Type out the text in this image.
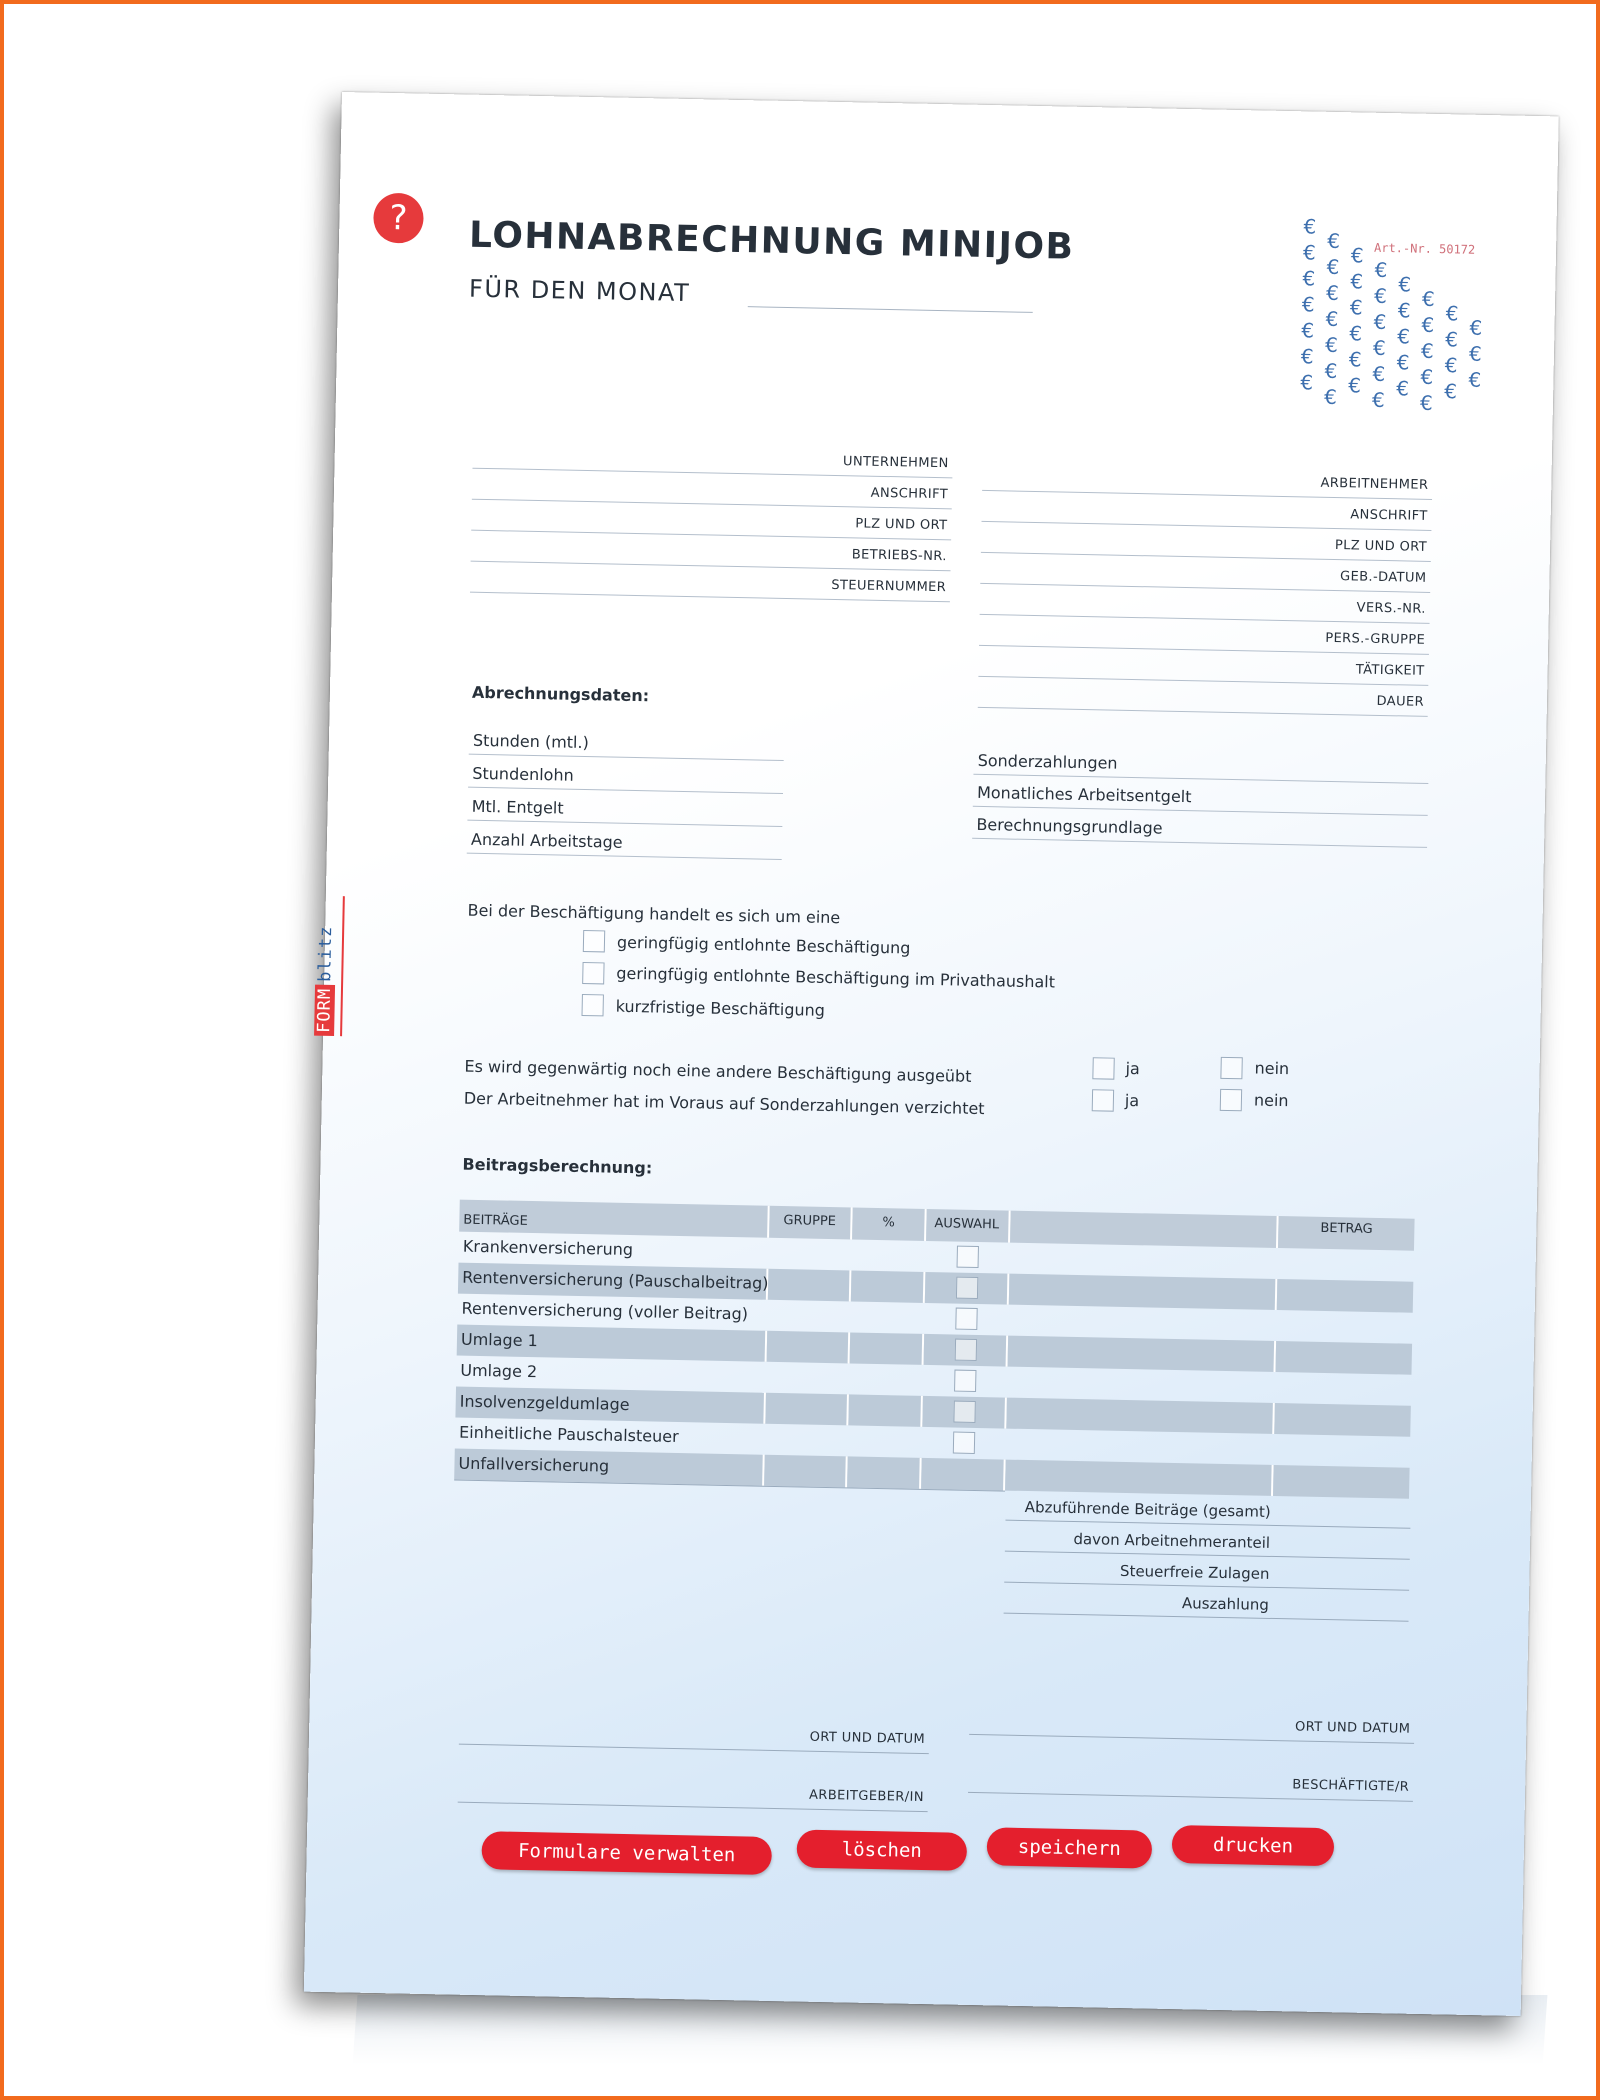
?	LOHNABRECHNUNG MINIJOB
FÜR DEN MONAT
Art.-Nr. 50172
€
€ €
€ € €
€ € € €
€ € € € €
€ € € € € €
€ € € € € € €
€ € € € € € €
€ € € € €
€ € €
UNTERNEHMEN
ANSCHRIFT
PLZ UND ORT
BETRIEBS-NR.
STEUERNUMMER
ARBEITNEHMER
ANSCHRIFT
PLZ UND ORT
GEB.-DATUM
VERS.-NR.
PERS.-GRUPPE
TÄTIGKEIT
DAUER
Abrechnungsdaten:
Stunden (mtl.)
Stundenlohn
Mtl. Entgelt
Anzahl Arbeitstage
Sonderzahlungen
Monatliches Arbeitsentgelt
Berechnungsgrundlage
Bei der Beschäftigung handelt es sich um eine
geringfügig entlohnte Beschäftigung
geringfügig entlohnte Beschäftigung im Privathaushalt
kurzfristige Beschäftigung
FORMblitz
Es wird gegenwärtig noch eine andere Beschäftigung ausgeübt	ja	nein
Der Arbeitnehmer hat im Voraus auf Sonderzahlungen verzichtet	ja	nein
Beitragsberechnung:
BEITRÄGE	GRUPPE	%	AUSWAHL	BETRAG
Krankenversicherung
Rentenversicherung (Pauschalbeitrag)
Rentenversicherung (voller Beitrag)
Umlage 1
Umlage 2
Insolvenzgeldumlage
Einheitliche Pauschalsteuer
Unfallversicherung
Abzuführende Beiträge (gesamt)
davon Arbeitnehmeranteil
Steuerfreie Zulagen
Auszahlung
ORT UND DATUM
ARBEITGEBER/IN
ORT UND DATUM
BESCHÄFTIGTE/R
Formulare verwalten	löschen	speichern	drucken
